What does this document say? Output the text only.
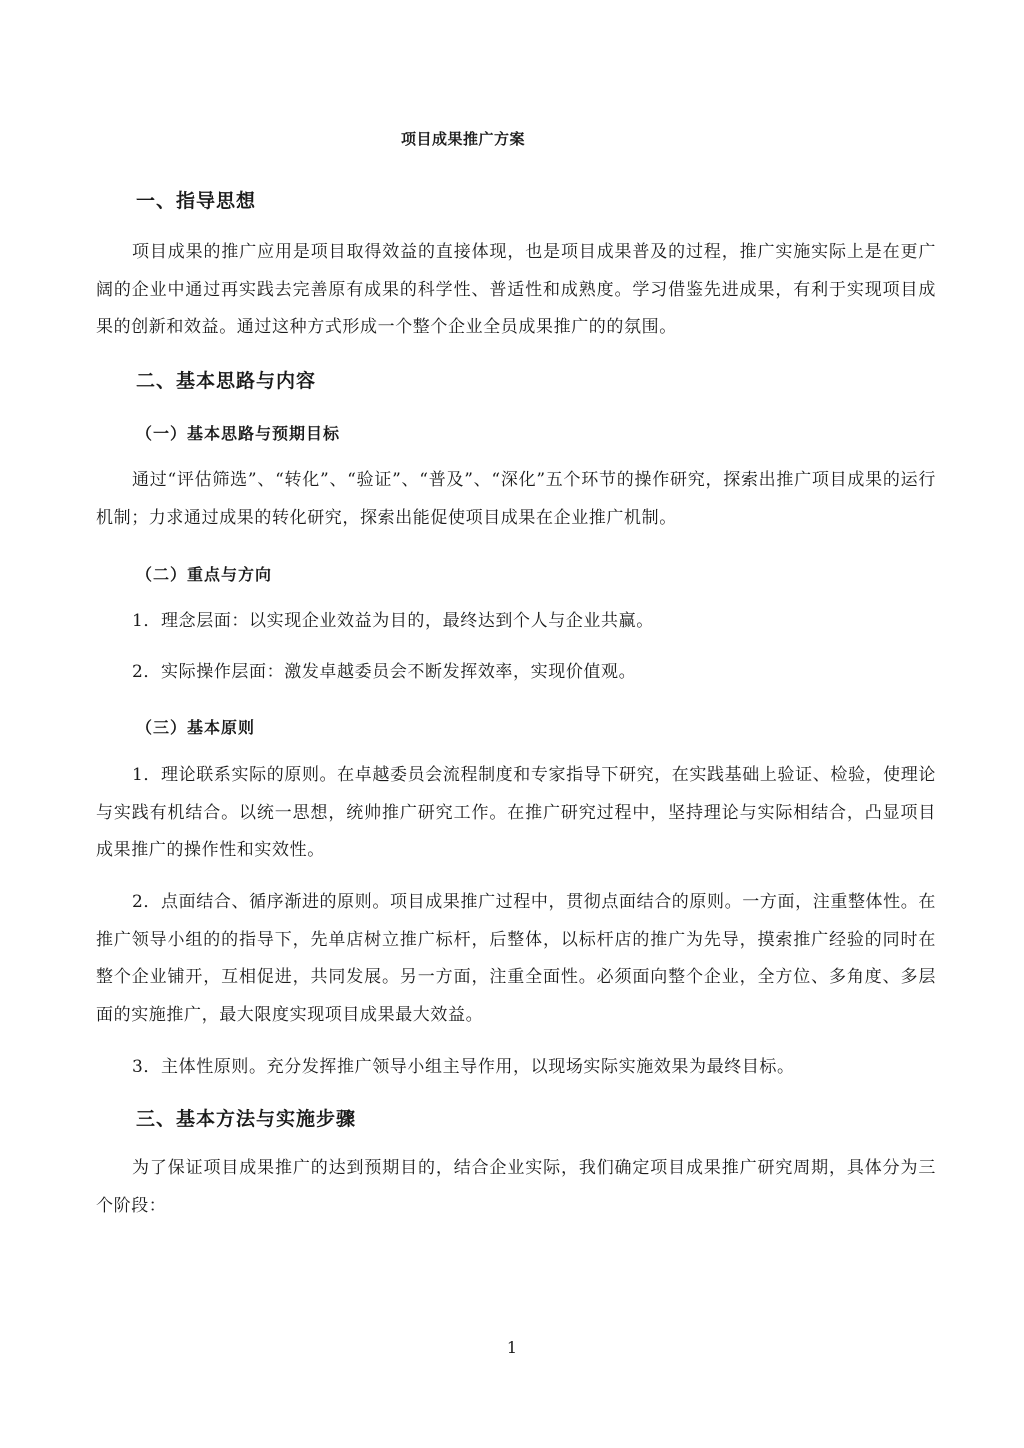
项目成果推广方案
一、指导思想
项目成果的推广应用是项目取得效益的直接体现，也是项目成果普及的过程，推广实施实际上是在更广阔的企业中通过再实践去完善原有成果的科学性、普适性和成熟度。学习借鉴先进成果，有利于实现项目成果的创新和效益。通过这种方式形成一个整个企业全员成果推广的的氛围。
二、基本思路与内容
（一）基本思路与预期目标
通过“评估筛选”、“转化”、“验证”、“普及”、“深化”五个环节的操作研究，探索出推广项目成果的运行机制；力求通过成果的转化研究，探索出能促使项目成果在企业推广机制。
（二）重点与方向
1．理念层面：以实现企业效益为目的，最终达到个人与企业共赢。
2．实际操作层面：激发卓越委员会不断发挥效率，实现价值观。
（三）基本原则
1．理论联系实际的原则。在卓越委员会流程制度和专家指导下研究，在实践基础上验证、检验，使理论与实践有机结合。以统一思想，统帅推广研究工作。在推广研究过程中，坚持理论与实际相结合，凸显项目成果推广的操作性和实效性。
2．点面结合、循序渐进的原则。项目成果推广过程中，贯彻点面结合的原则。一方面，注重整体性。在推广领导小组的的指导下，先单店树立推广标杆，后整体，以标杆店的推广为先导，摸索推广经验的同时在整个企业铺开，互相促进，共同发展。另一方面，注重全面性。必须面向整个企业，全方位、多角度、多层面的实施推广，最大限度实现项目成果最大效益。
3．主体性原则。充分发挥推广领导小组主导作用，以现场实际实施效果为最终目标。
三、基本方法与实施步骤
为了保证项目成果推广的达到预期目的，结合企业实际，我们确定项目成果推广研究周期，具体分为三个阶段：
1
